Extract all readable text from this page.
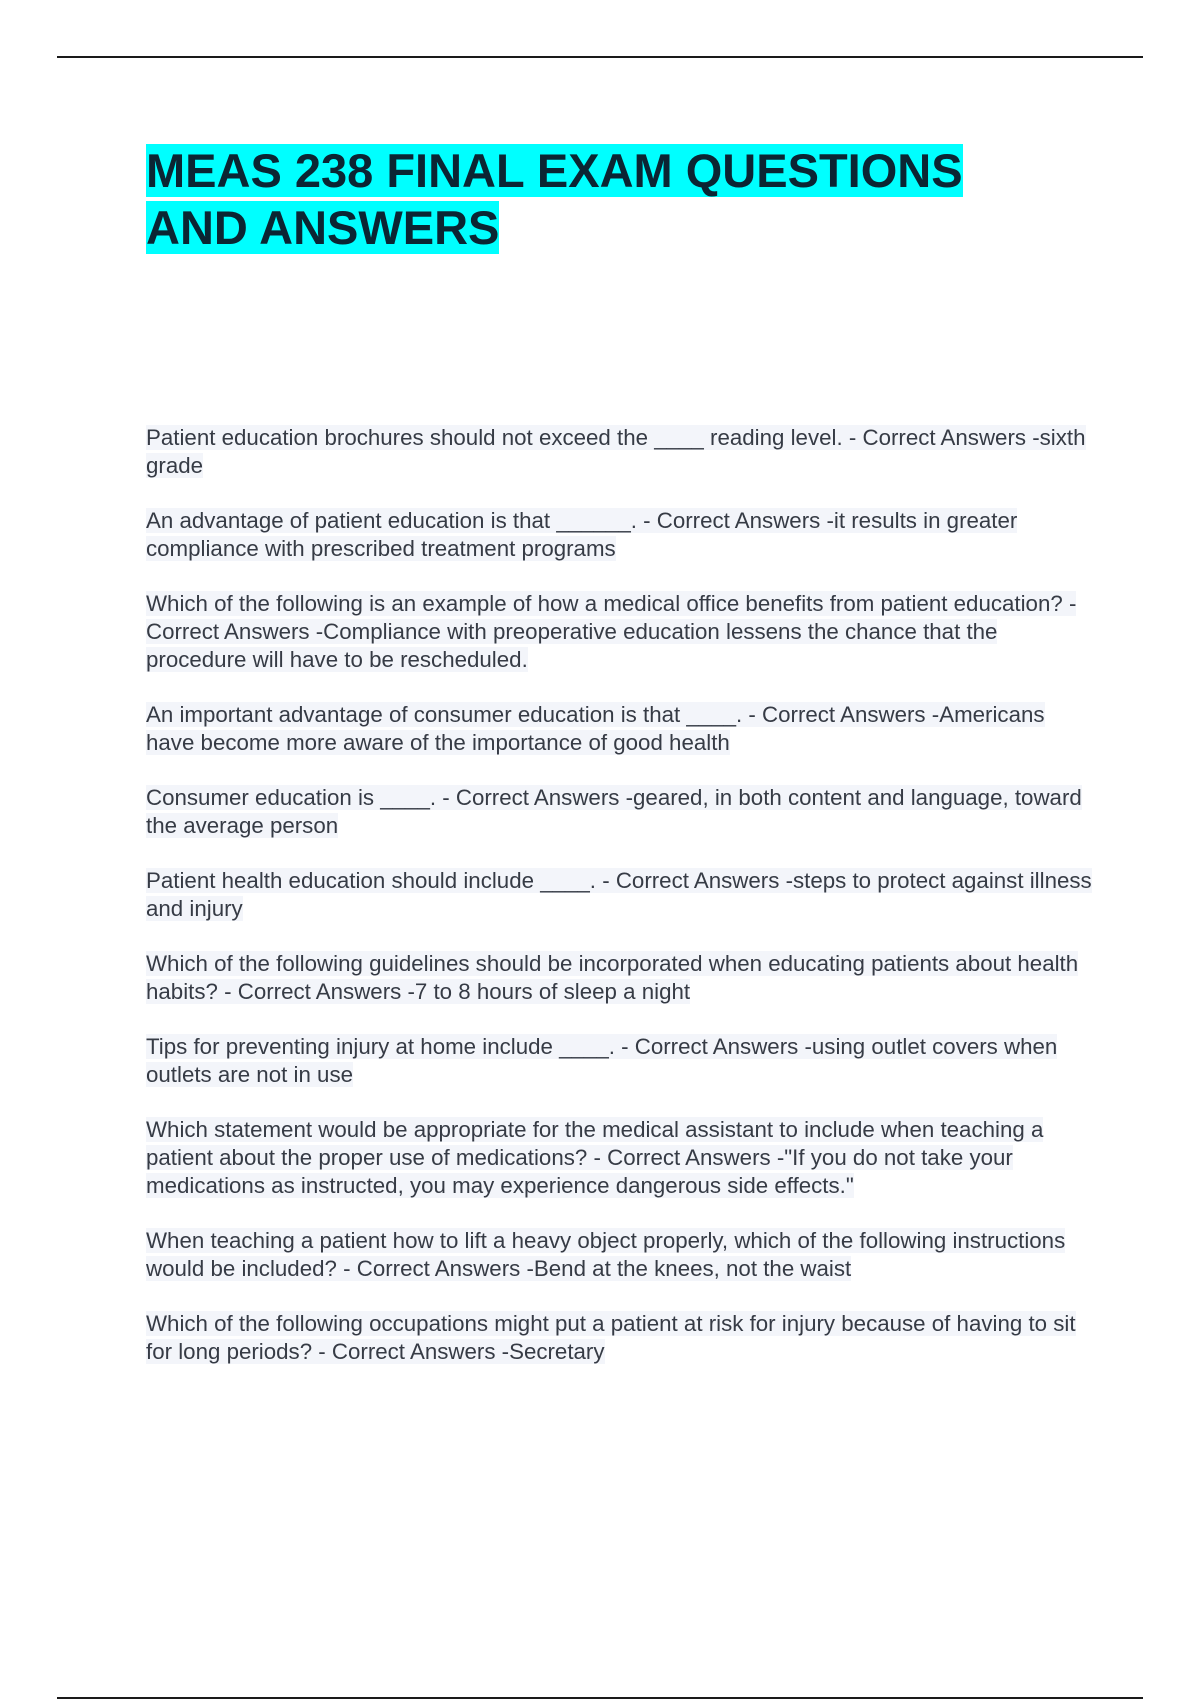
MEAS 238 FINAL EXAM QUESTIONS AND ANSWERS
Patient education brochures should not exceed the ____ reading level. - Correct Answers -sixth grade
An advantage of patient education is that ______. - Correct Answers -it results in greater compliance with prescribed treatment programs
Which of the following is an example of how a medical office benefits from patient education? - Correct Answers -Compliance with preoperative education lessens the chance that the procedure will have to be rescheduled.
An important advantage of consumer education is that ____. - Correct Answers -Americans have become more aware of the importance of good health
Consumer education is ____. - Correct Answers -geared, in both content and language, toward the average person
Patient health education should include ____. - Correct Answers -steps to protect against illness and injury
Which of the following guidelines should be incorporated when educating patients about health habits? - Correct Answers -7 to 8 hours of sleep a night
Tips for preventing injury at home include ____. - Correct Answers -using outlet covers when outlets are not in use
Which statement would be appropriate for the medical assistant to include when teaching a patient about the proper use of medications? - Correct Answers -"If you do not take your medications as instructed, you may experience dangerous side effects."
When teaching a patient how to lift a heavy object properly, which of the following instructions would be included? - Correct Answers -Bend at the knees, not the waist
Which of the following occupations might put a patient at risk for injury because of having to sit for long periods? - Correct Answers -Secretary
